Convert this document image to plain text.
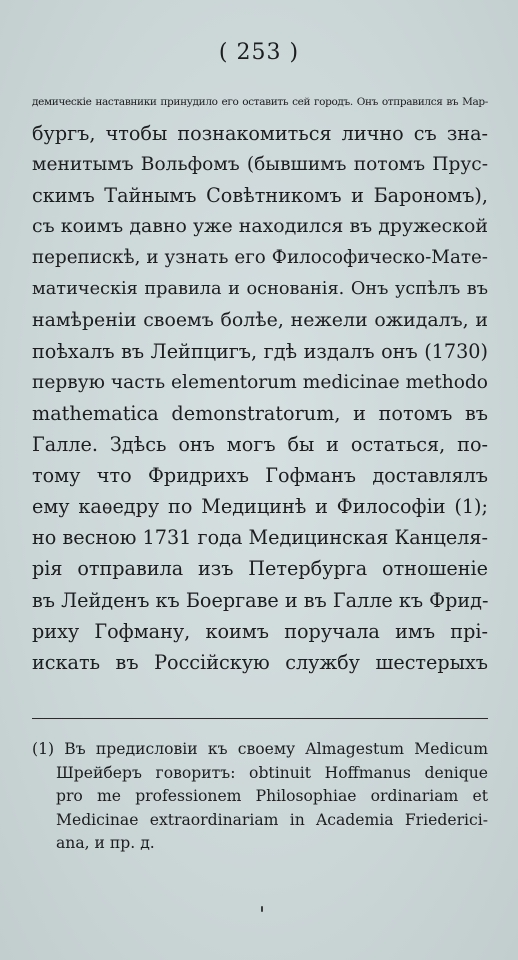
( 253 )
демическіе наставники принудило его оставить сей городъ. Онъ отправился въ Мар-
бургъ, чтобы познакомиться лично съ зна-
менитымъ Вольфомъ (бывшимъ потомъ Прус-
скимъ Тайнымъ Совѣтникомъ и Барономъ),
съ коимъ давно уже находился въ дружеской
перепискѣ, и узнать его Философическо-Мате-
матическія правила и основанія. Онъ успѣлъ въ
намѣреніи своемъ болѣе, нежели ожидалъ, и
поѣхалъ въ Лейпцигъ, гдѣ издалъ онъ (1730)
первую часть elementorum medicinae methodo
mathematica demonstratorum, и потомъ въ
Галле. Здѣсь онъ могъ бы и остаться, по-
тому что Фридрихъ Гофманъ доставлялъ
ему каѳедру по Медицинѣ и Философіи (1);
но весною 1731 года Медицинская Канцеля-
рія отправила изъ Петербурга отношеніе
въ Лейденъ къ Боергаве и въ Галле къ Фрид-
риху Гофману, коимъ поручала имъ прі-
искать въ Россійскую службу шестерыхъ
(1) Въ предисловіи къ своему Almagestum Medicum
Шрейберъ говоритъ: obtinuit Hoffmanus denique
pro me professionem Philosophiae ordinariam et
Medicinae extraordinariam in Academia Friederici-
ana, и пр. д.
